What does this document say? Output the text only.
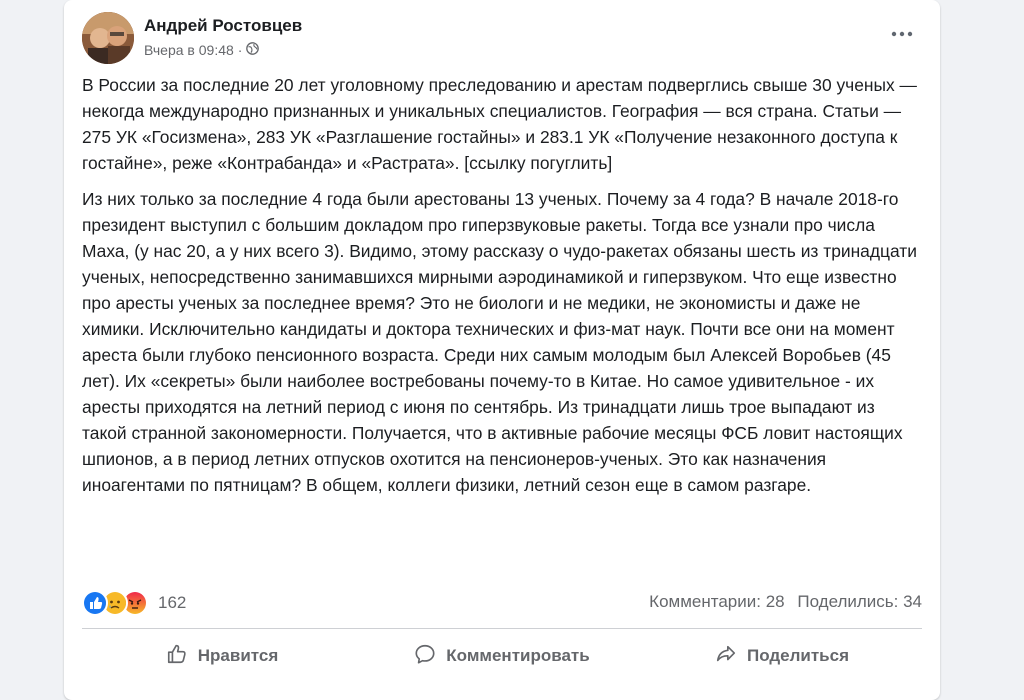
Андрей Ростовцев
Вчера в 09:48 ·

В России за последние 20 лет уголовному преследованию и арестам подверглись свыше 30 ученых — некогда международно признанных и уникальных специалистов. География — вся страна. Статьи — 275 УК «Госизмена», 283 УК «Разглашение гостайны» и 283.1 УК «Получение незаконного доступа к гостайне», реже «Контрабанда» и «Растрата». [ссылку погуглить]

Из них только за последние 4 года были арестованы 13 ученых. Почему за 4 года? В начале 2018-го президент выступил с большим докладом про гиперзвуковые ракеты. Тогда все узнали про числа Маха, (у нас 20, а у них всего 3). Видимо, этому рассказу о чудо-ракетах обязаны шесть из тринадцати ученых, непосредственно занимавшихся мирными аэродинамикой и гиперзвуком. Что еще известно про аресты ученых за последнее время? Это не биологи и не медики, не экономисты и даже не химики. Исключительно кандидаты и доктора технических и физ-мат наук. Почти все они на момент ареста были глубоко пенсионного возраста. Среди них самым молодым был Алексей Воробьев (45 лет). Их «секреты» были наиболее востребованы почему-то в Китае. Но самое удивительное - их аресты приходятся на летний период с июня по сентябрь. Из тринадцати лишь трое выпадают из такой странной закономерности. Получается, что в активные рабочие месяцы ФСБ ловит настоящих шпионов, а в период летних отпусков охотится на пенсионеров-ученых. Это как назначения иноагентами по пятницам? В общем, коллеги физики, летний сезон еще в самом разгаре.

162	Комментарии: 28 Поделились: 34
Нравится	Комментировать	Поделиться
